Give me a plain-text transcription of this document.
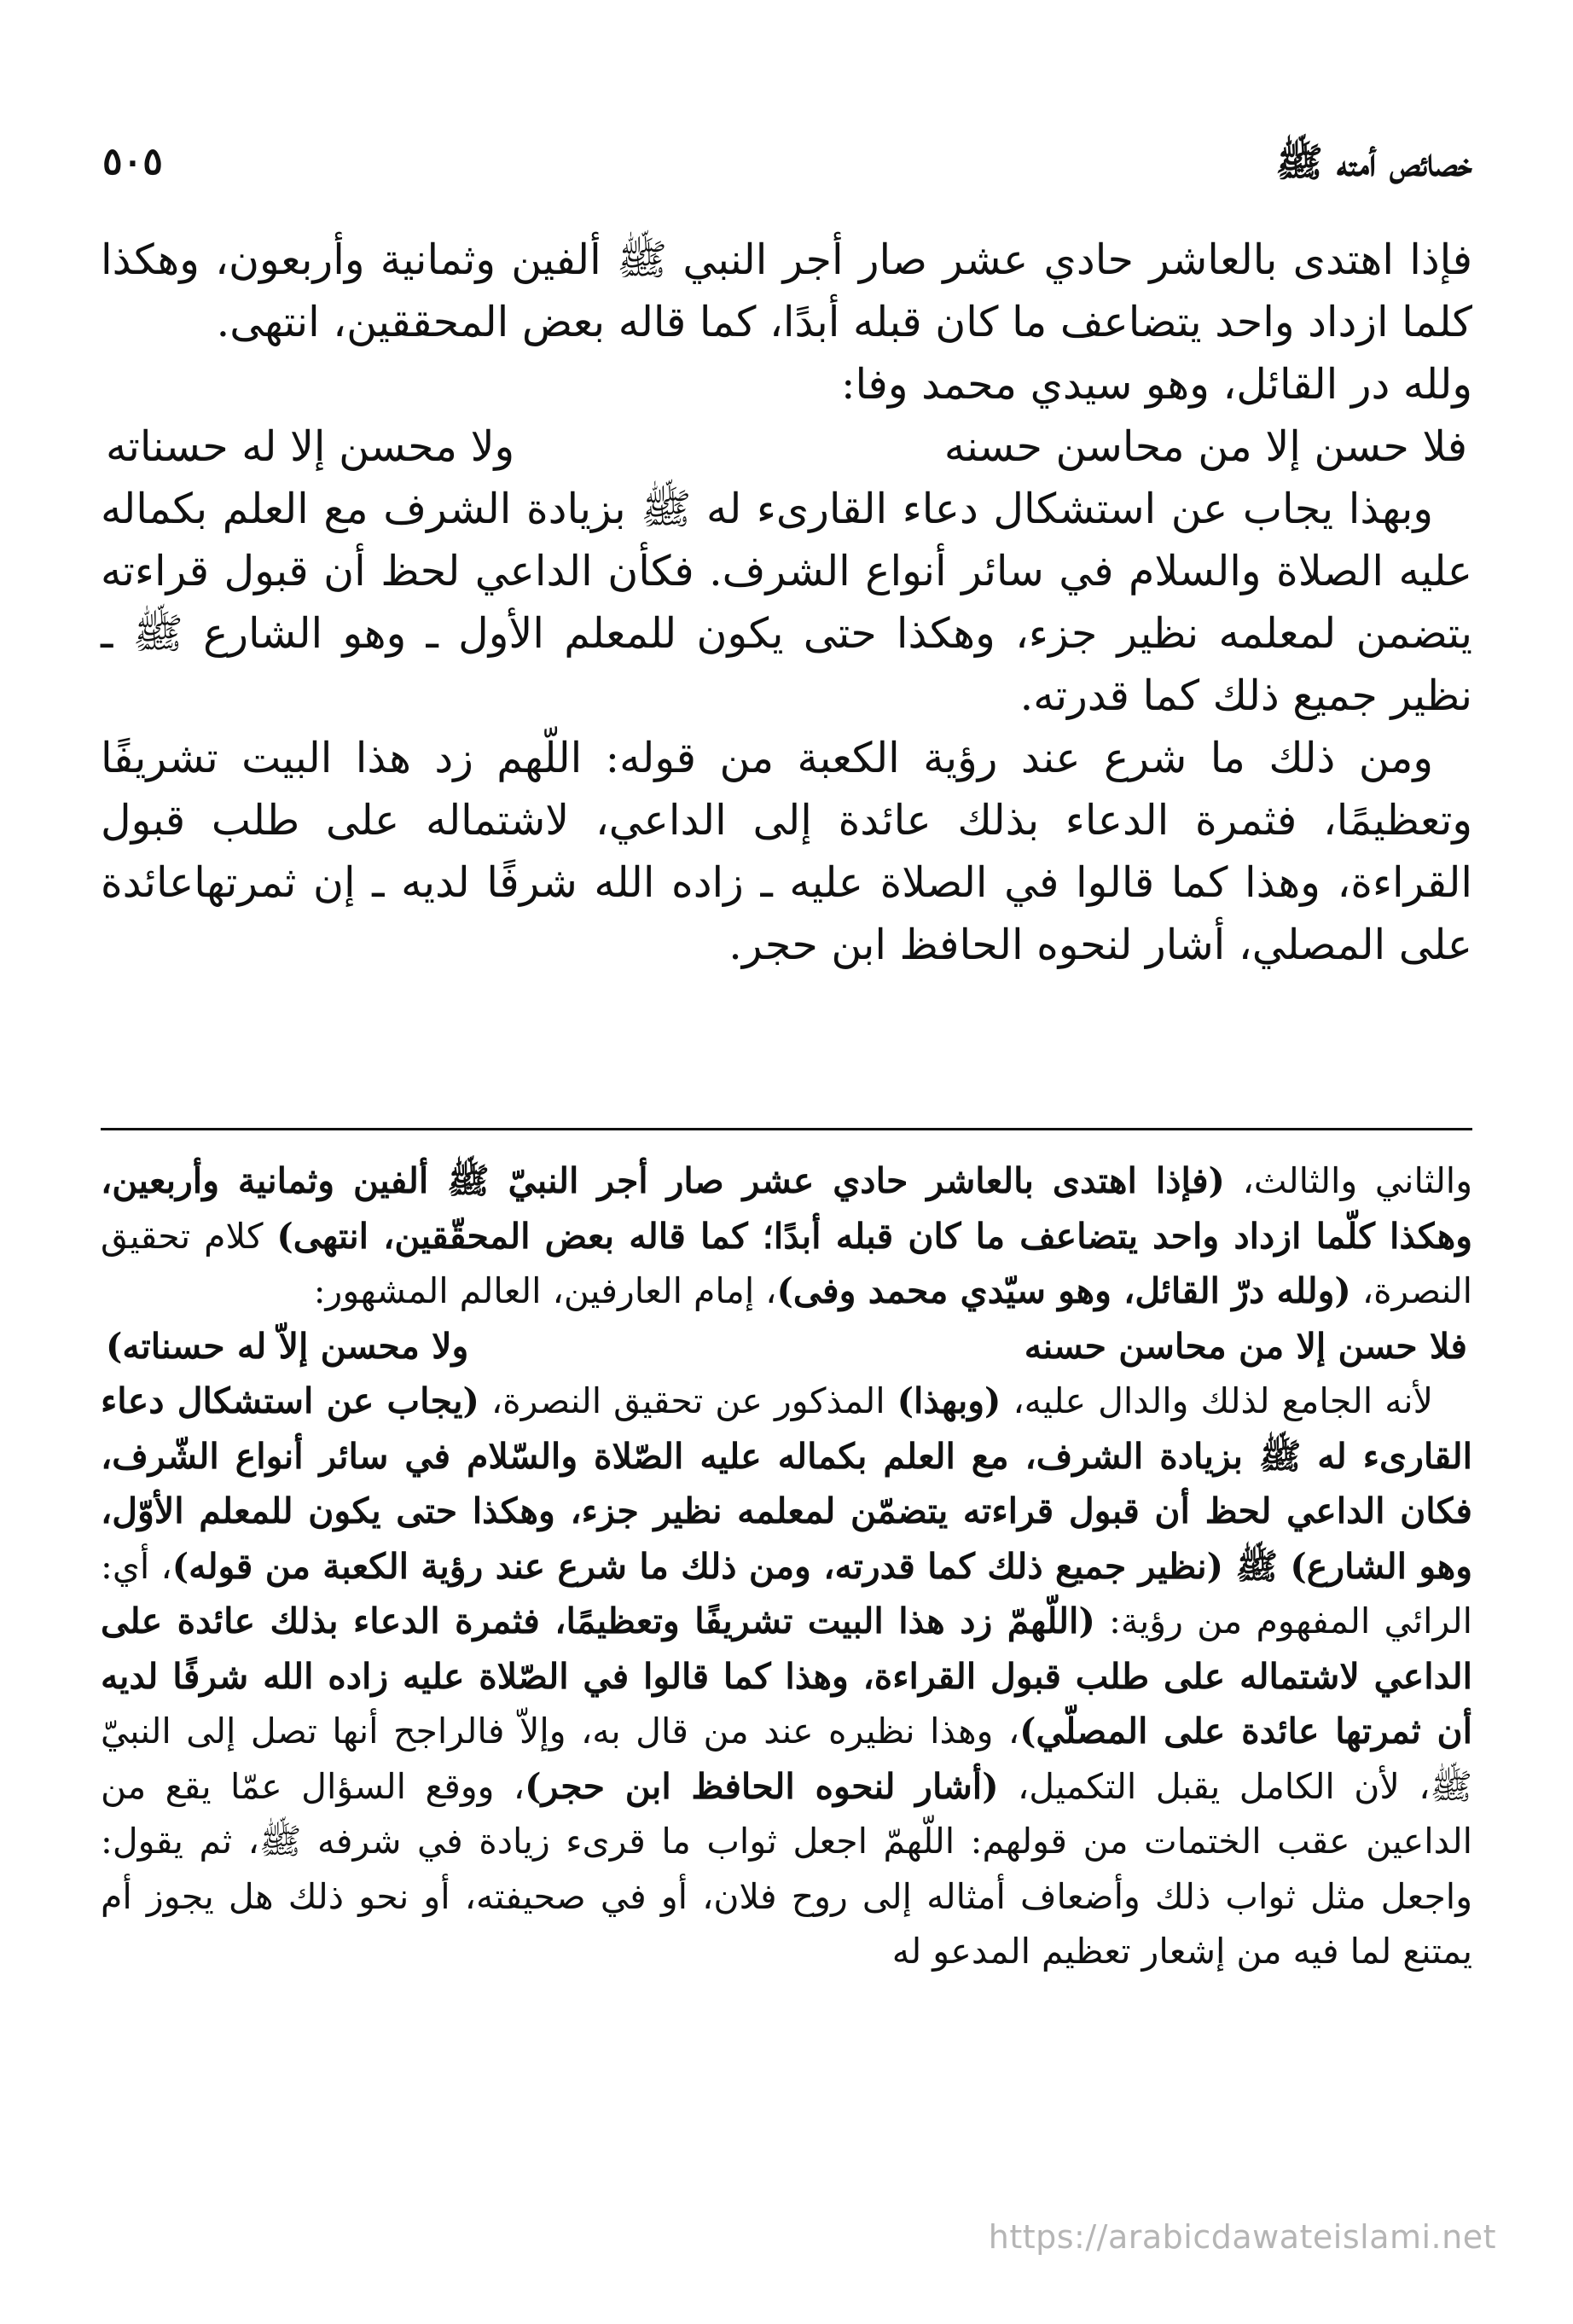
خصائص أمته ﷺ
٥٠٥

فإذا اهتدى بالعاشر حادي عشر صار أجر النبي ﷺ ألفين وثمانية وأربعون، وهكذا كلما ازداد واحد يتضاعف ما كان قبله أبدًا، كما قاله بعض المحققين، انتهى.

ولله در القائل، وهو سيدي محمد وفا:

فلا حسن إلا من محاسن حسنه
ولا محسن إلا له حسناته

وبهذا يجاب عن استشكال دعاء القارىء له ﷺ بزيادة الشرف مع العلم بكماله عليه الصلاة والسلام في سائر أنواع الشرف. فكأن الداعي لحظ أن قبول قراءته يتضمن لمعلمه نظير جزء، وهكذا حتى يكون للمعلم الأول ـ وهو الشارع ﷺ ـ نظير جميع ذلك كما قدرته.

ومن ذلك ما شرع عند رؤية الكعبة من قوله: اللّهم زد هذا البيت تشريفًا وتعظيمًا، فثمرة الدعاء بذلك عائدة إلى الداعي، لاشتماله على طلب قبول القراءة، وهذا كما قالوا في الصلاة عليه ـ زاده الله شرفًا لديه ـ إن ثمرتهاعائدة على المصلي، أشار لنحوه الحافظ ابن حجر.

والثاني والثالث، (فإذا اهتدى بالعاشر حادي عشر صار أجر النبيّ ﷺ ألفين وثمانية وأربعين، وهكذا كلّما ازداد واحد يتضاعف ما كان قبله أبدًا؛ كما قاله بعض المحقّقين، انتهى) كلام تحقيق النصرة، (ولله درّ القائل، وهو سيّدي محمد وفى)، إمام العارفين، العالم المشهور:

فلا حسن إلا من محاسن حسنه
ولا محسن إلاّ له حسناته)

لأنه الجامع لذلك والدال عليه، (وبهذا) المذكور عن تحقيق النصرة، (يجاب عن استشكال دعاء القارىء له ﷺ بزيادة الشرف، مع العلم بكماله عليه الصّلاة والسّلام في سائر أنواع الشّرف، فكان الداعي لحظ أن قبول قراءته يتضمّن لمعلمه نظير جزء، وهكذا حتى يكون للمعلم الأوّل، وهو الشارع) ﷺ (نظير جميع ذلك كما قدرته، ومن ذلك ما شرع عند رؤية الكعبة من قوله)، أي: الرائي المفهوم من رؤية: (اللّهمّ زد هذا البيت تشريفًا وتعظيمًا، فثمرة الدعاء بذلك عائدة على الداعي لاشتماله على طلب قبول القراءة، وهذا كما قالوا في الصّلاة عليه زاده الله شرفًا لديه أن ثمرتها عائدة على المصلّي)، وهذا نظيره عند من قال به، وإلاّ فالراجح أنها تصل إلى النبيّ ﷺ، لأن الكامل يقبل التكميل، (أشار لنحوه الحافظ ابن حجر)، ووقع السؤال عمّا يقع من الداعين عقب الختمات من قولهم: اللّهمّ اجعل ثواب ما قرىء زيادة في شرفه ﷺ، ثم يقول: واجعل مثل ثواب ذلك وأضعاف أمثاله إلى روح فلان، أو في صحيفته، أو نحو ذلك هل يجوز أم يمتنع لما فيه من إشعار تعظيم المدعو له

https://arabicdawateislami.net
